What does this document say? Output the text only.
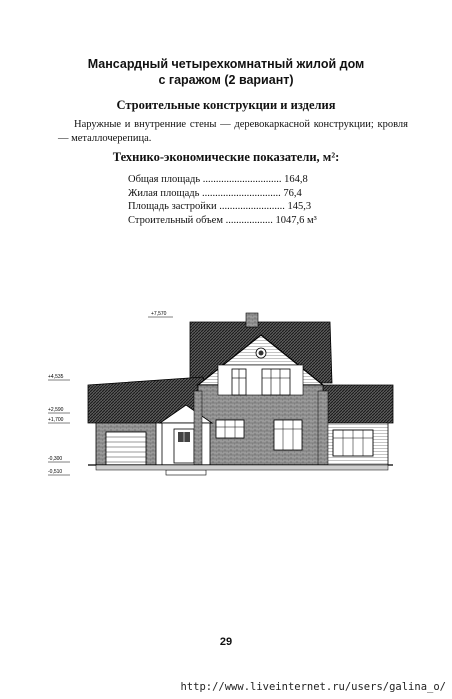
Мансардный четырехкомнатный жилой дом
с гаражом (2 вариант)
Строительные конструкции и изделия
Наружные и внутренние стены — деревокаркасной конструкции; кровля — металлочерепица.
Технико-экономические показатели, м²:
Общая площадь .............................. 164,8
Жилая площадь .............................. 76,4
Площадь застройки ......................... 145,3
Строительный объем .................. 1047,6 м³
+7,570
+4,535
+2,590
+1,700
-0,300
-0,510
29
http://www.liveinternet.ru/users/galina_o/
